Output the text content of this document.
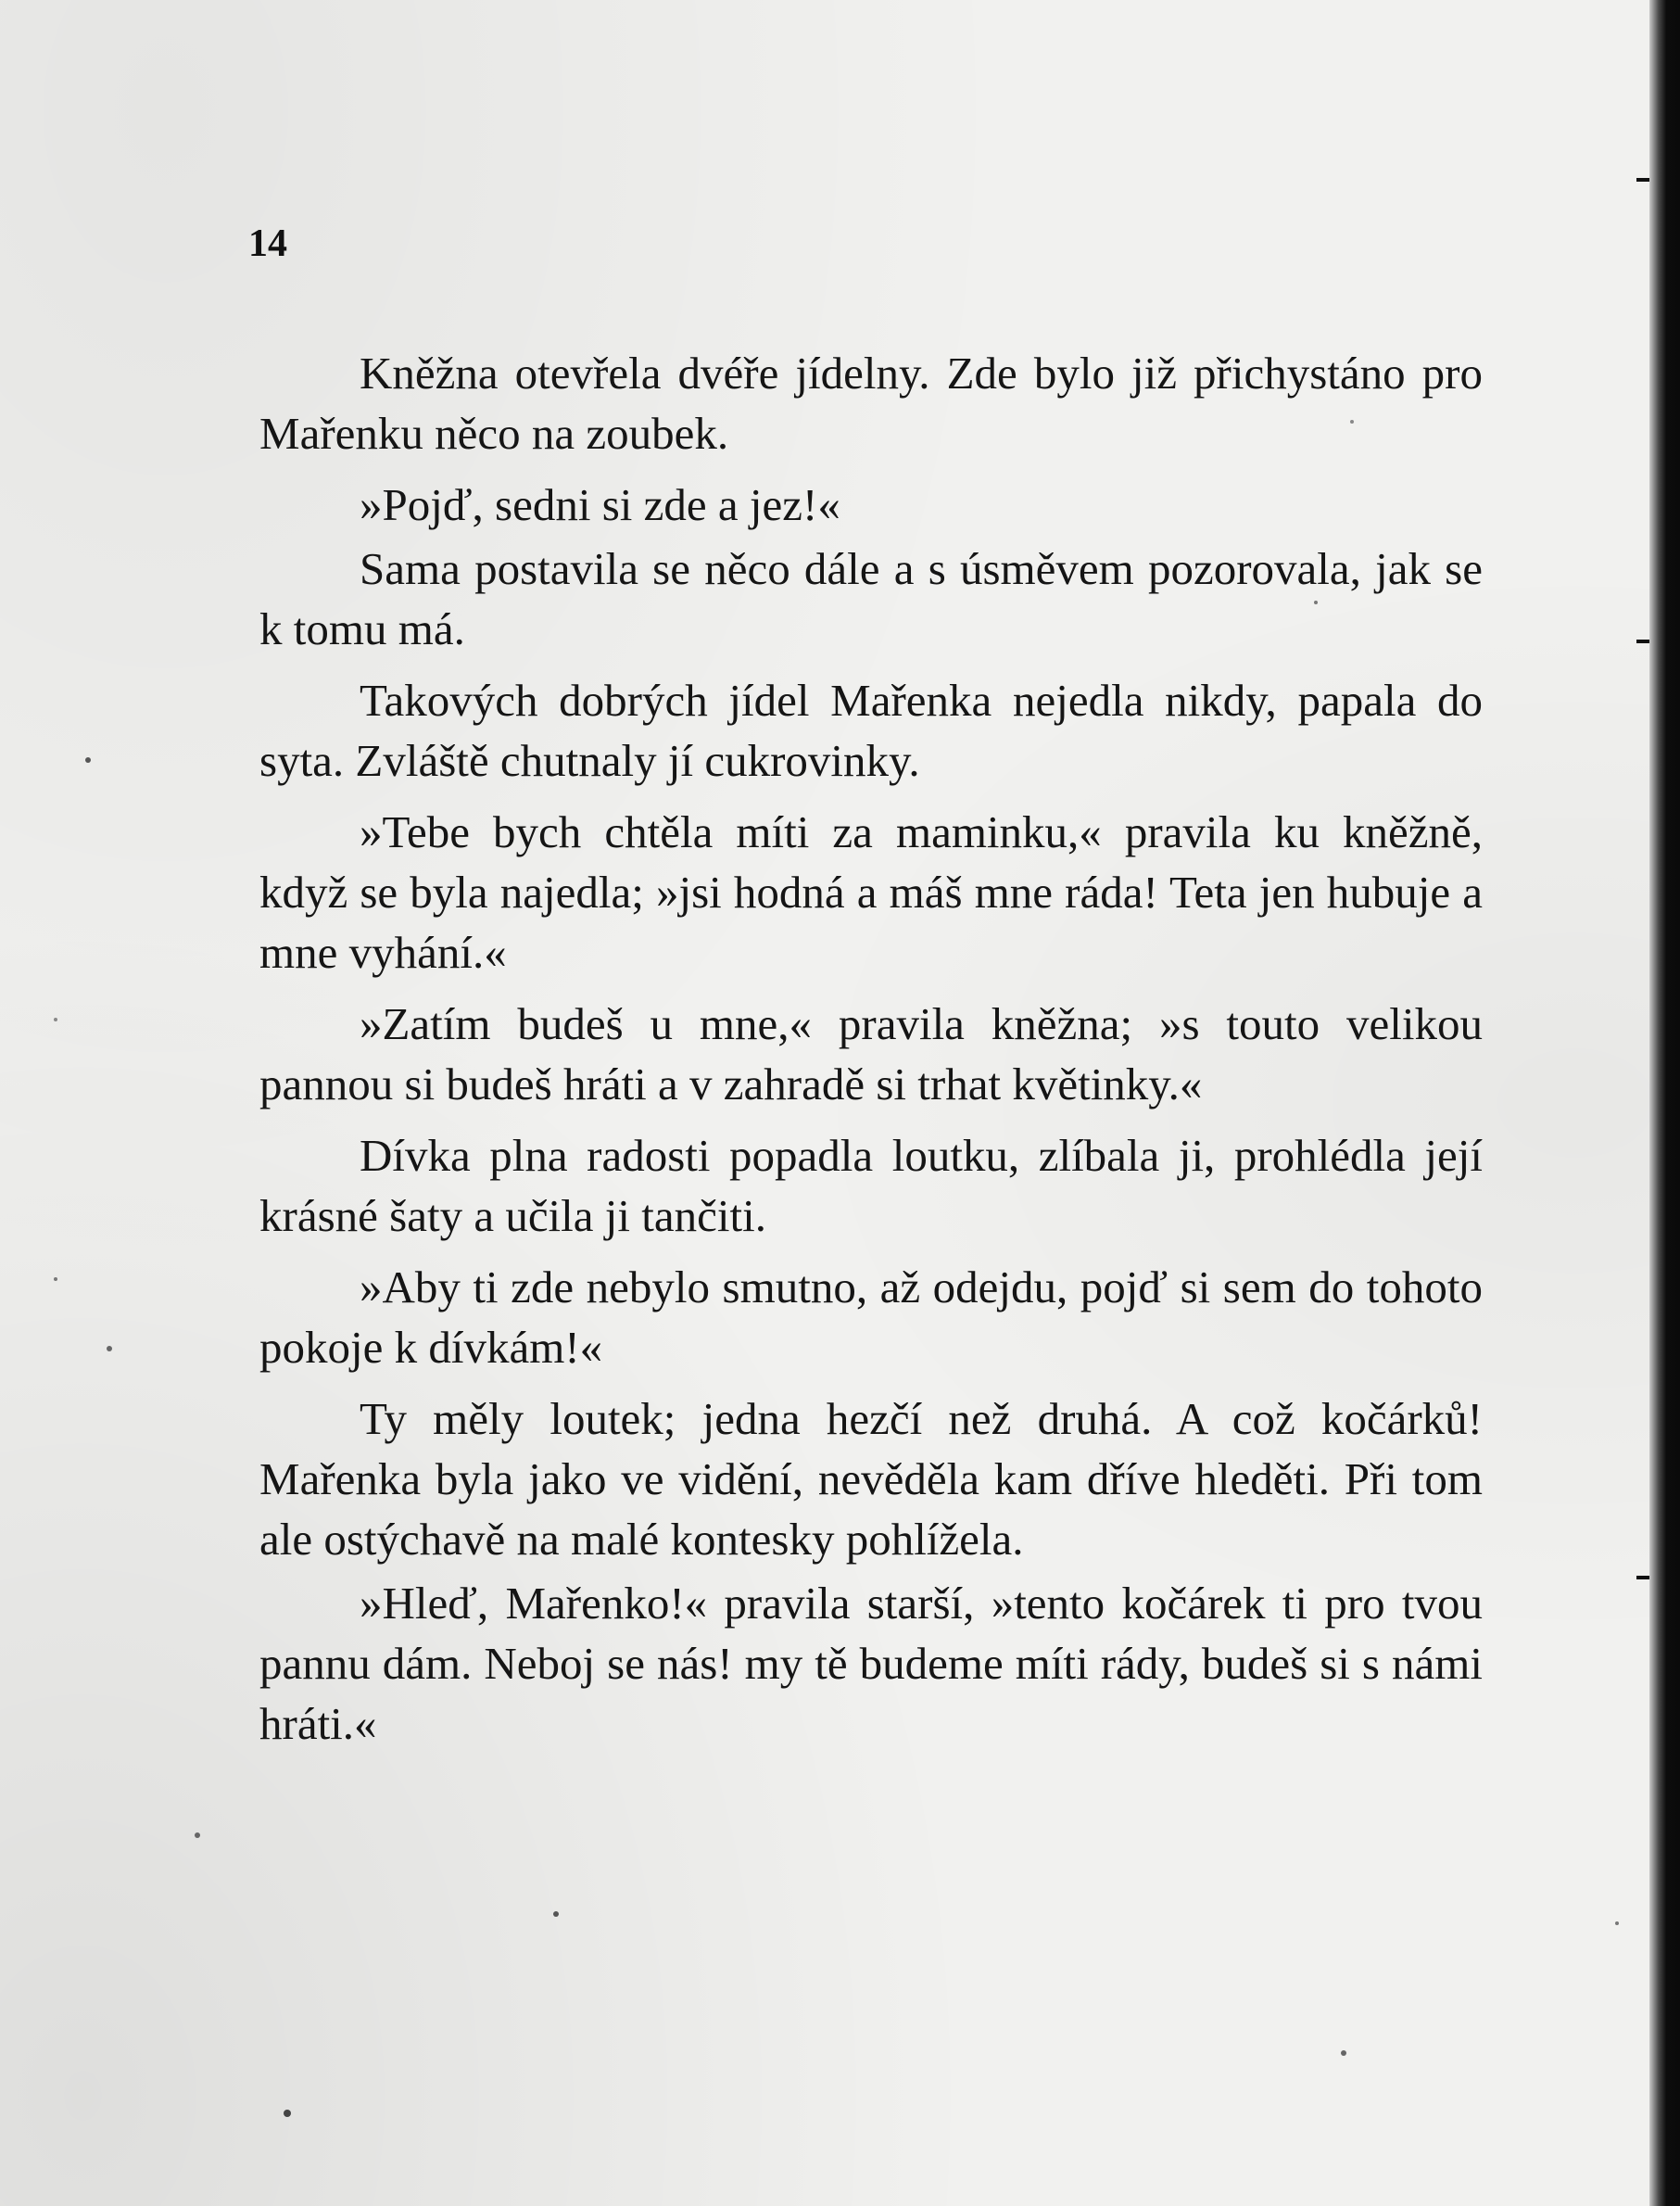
14

Kněžna otevřela dvéře jídelny. Zde bylo již přichystáno pro Mařenku něco na zoubek.

»Pojď, sedni si zde a jez!«

Sama postavila se něco dále a s úsměvem pozorovala, jak se k tomu má.

Takových dobrých jídel Mařenka nejedla nikdy, papala do syta. Zvláště chutnaly jí cukrovinky.

»Tebe bych chtěla míti za maminku,« pravila ku kněžně, když se byla najedla; »jsi hodná a máš mne ráda! Teta jen hubuje a mne vyhání.«

»Zatím budeš u mne,« pravila kněžna; »s touto velikou pannou si budeš hráti a v zahradě si trhat květinky.«

Dívka plna radosti popadla loutku, zlíbala ji, prohlédla její krásné šaty a učila ji tančiti.

»Aby ti zde nebylo smutno, až odejdu, pojď si sem do tohoto pokoje k dívkám!«

Ty měly loutek; jedna hezčí než druhá. A což kočárků! Mařenka byla jako ve vidění, nevěděla kam dříve hleděti. Při tom ale ostýchavě na malé kontesky pohlížela.

»Hleď, Mařenko!« pravila starší, »tento kočárek ti pro tvou pannu dám. Neboj se nás! my tě budeme míti rády, budeš si s námi hráti.«
